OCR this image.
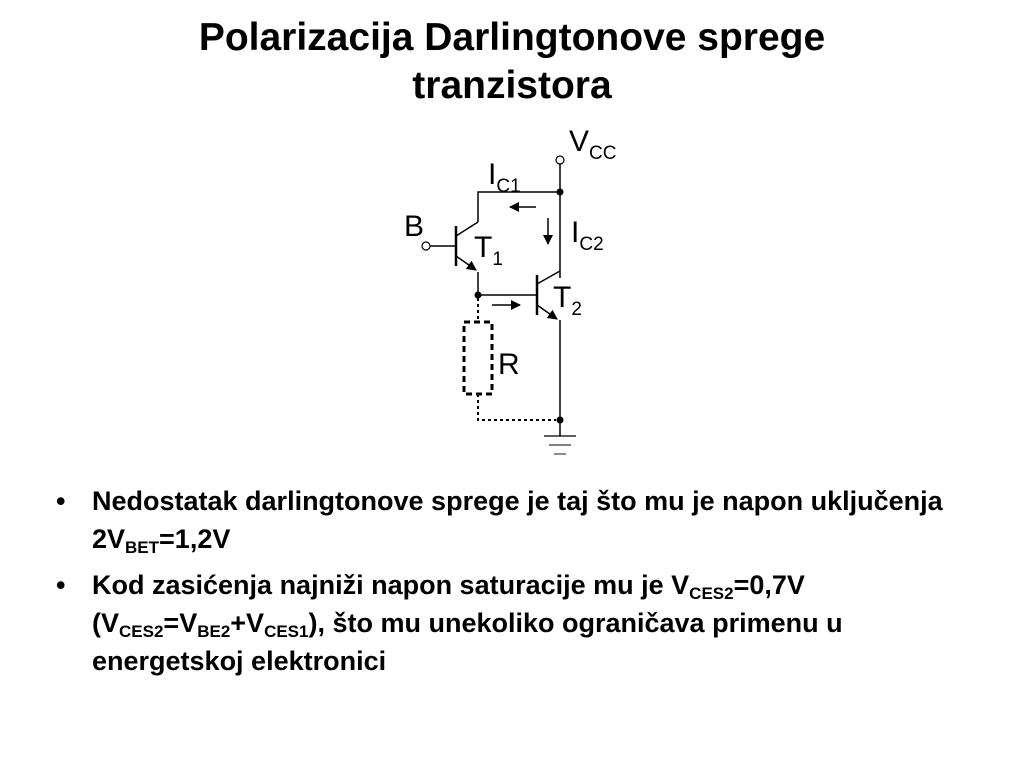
Polarizacija Darlingtonove sprege
tranzistora
$V_{CC}$
$I_{C1}$
$I_{C2}$
B
$T_1$
$T_2$
R
• Nedostatak darlingtonove sprege je taj što mu je napon uključenja $2V_{BET}=1,2V$
• Kod zasićenja najniži napon saturacije mu je $V_{CES2}=0,7V$ $(V_{CES2}=V_{BE2}+V_{CES1})$, što mu unekoliko ograničava primenu u energetskoj elektronici
